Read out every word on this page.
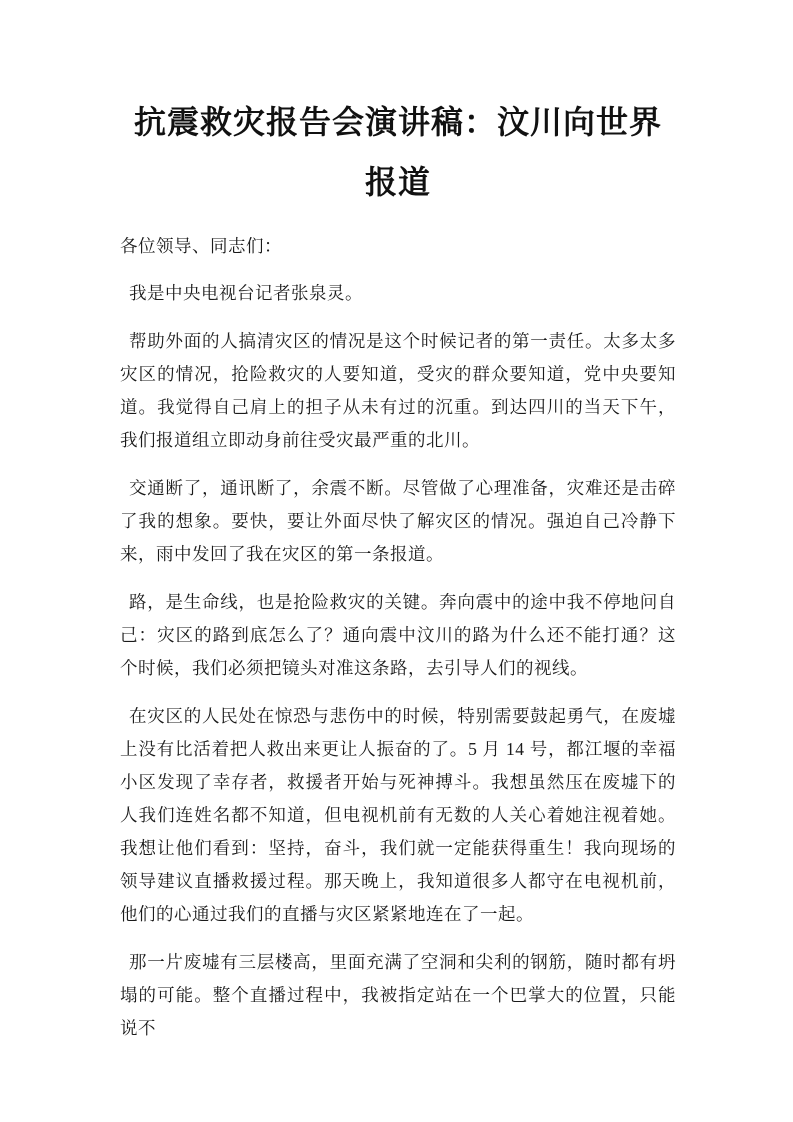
抗震救灾报告会演讲稿：汶川向世界报道
各位领导、同志们：

我是中央电视台记者张泉灵。

帮助外面的人搞清灾区的情况是这个时候记者的第一责任。太多太多灾区的情况，抢险救灾的人要知道，受灾的群众要知道，党中央要知道。我觉得自己肩上的担子从未有过的沉重。到达四川的当天下午，我们报道组立即动身前往受灾最严重的北川。

交通断了，通讯断了，余震不断。尽管做了心理准备，灾难还是击碎了我的想象。要快，要让外面尽快了解灾区的情况。强迫自己冷静下来，雨中发回了我在灾区的第一条报道。

路，是生命线，也是抢险救灾的关键。奔向震中的途中我不停地问自己：灾区的路到底怎么了？通向震中汶川的路为什么还不能打通？这个时候，我们必须把镜头对准这条路，去引导人们的视线。

在灾区的人民处在惊恐与悲伤中的时候，特别需要鼓起勇气，在废墟上没有比活着把人救出来更让人振奋的了。5 月 14 号，都江堰的幸福小区发现了幸存者，救援者开始与死神搏斗。我想虽然压在废墟下的人我们连姓名都不知道，但电视机前有无数的人关心着她注视着她。我想让他们看到：坚持，奋斗，我们就一定能获得重生！我向现场的领导建议直播救援过程。那天晚上，我知道很多人都守在电视机前，他们的心通过我们的直播与灾区紧紧地连在了一起。

那一片废墟有三层楼高，里面充满了空洞和尖利的钢筋，随时都有坍塌的可能。整个直播过程中，我被指定站在一个巴掌大的位置，只能说不
